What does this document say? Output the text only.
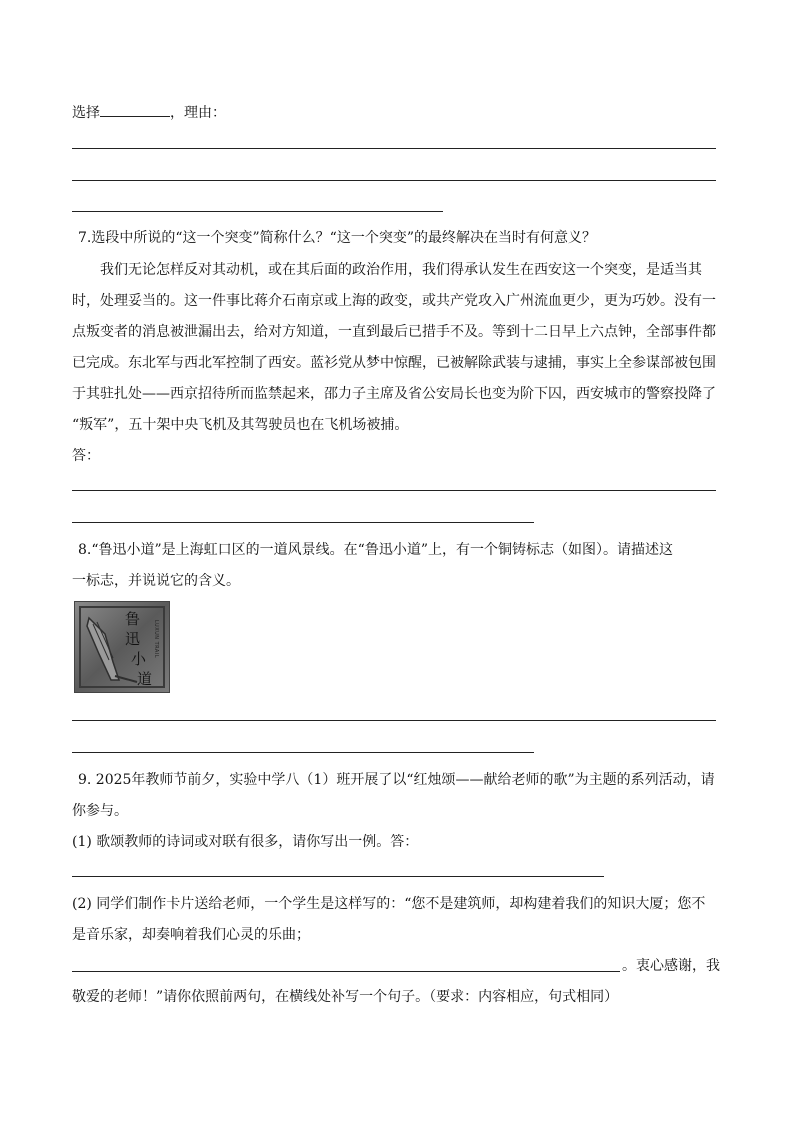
选择	，理由：
7.选段中所说的“这一个突变”简称什么？“这一个突变”的最终解决在当时有何意义？
我们无论怎样反对其动机，或在其后面的政治作用，我们得承认发生在西安这一个突变，是适当其
时，处理妥当的。这一件事比蒋介石南京或上海的政变，或共产党攻入广州流血更少，更为巧妙。没有一
点叛变者的消息被泄漏出去，给对方知道，一直到最后已措手不及。等到十二日早上六点钟，全部事件都
已完成。东北军与西北军控制了西安。蓝衫党从梦中惊醒，已被解除武装与逮捕，事实上全参谋部被包围
于其驻扎处——西京招待所而监禁起来，邵力子主席及省公安局长也变为阶下囚，西安城市的警察投降了
“叛军”，五十架中央飞机及其驾驶员也在飞机场被捕。
答：
8.“鲁迅小道”是上海虹口区的一道风景线。在“鲁迅小道”上，有一个铜铸标志（如图）。请描述这
一标志，并说说它的含义。
鲁
迅
小
道
LUXUN TRAIL
9. 2025年教师节前夕，实验中学八（1）班开展了以“红烛颂——献给老师的歌”为主题的系列活动，请
你参与。
(1) 歌颂教师的诗词或对联有很多，请你写出一例。答：
(2) 同学们制作卡片送给老师，一个学生是这样写的：“您不是建筑师，却构建着我们的知识大厦；您不
是音乐家，却奏响着我们心灵的乐曲；
。衷心感谢，我
敬爱的老师！”请你依照前两句，在横线处补写一个句子。（要求：内容相应，句式相同）
